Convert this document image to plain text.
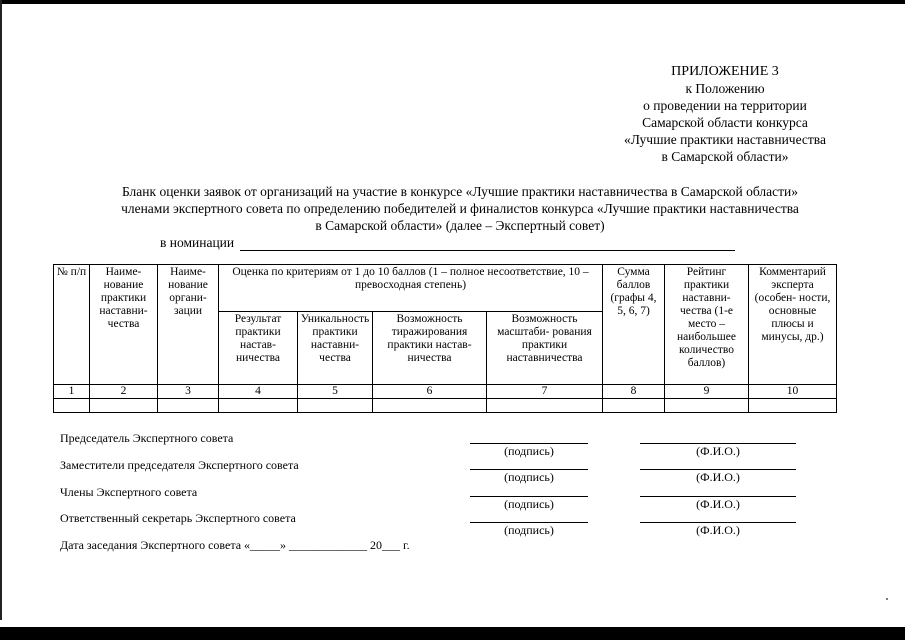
ПРИЛОЖЕНИЕ 3
к Положению
о проведении на территории
Самарской области конкурса
«Лучшие практики наставничества
в Самарской области»
Бланк оценки заявок от организаций на участие в конкурсе «Лучшие практики наставничества в Самарской области»
членами экспертного совета по определению победителей и финалистов конкурса «Лучшие практики наставничества
в Самарской области» (далее – Экспертный совет)
в номинации
№ п/п	Наиме- нование практики наставни- чества	Наиме- нование органи- зации	Оценка по критериям от 1 до 10 баллов (1 – полное несоответствие, 10 – превосходная степень)				Сумма баллов (графы 4, 5, 6, 7)	Рейтинг практики наставни- чества (1-е место – наибольшее количество баллов)	Комментарий эксперта (особен- ности, основные плюсы и минусы, др.)
			Результат практики настав- ничества	Уникальность практики наставни- чества	Возможность тиражирования практики настав- ничества	Возможность масштаби- рования практики наставничества			
1	2	3	4	5	6	7	8	9	10

Председатель Экспертного совета
Заместители председателя Экспертного совета
Члены Экспертного совета
Ответственный секретарь Экспертного совета
Дата заседания Экспертного совета «_____» _____________ 20___ г.
(подпись)	(Ф.И.О.)
(подпись)	(Ф.И.О.)
(подпись)	(Ф.И.О.)
(подпись)	(Ф.И.О.)
